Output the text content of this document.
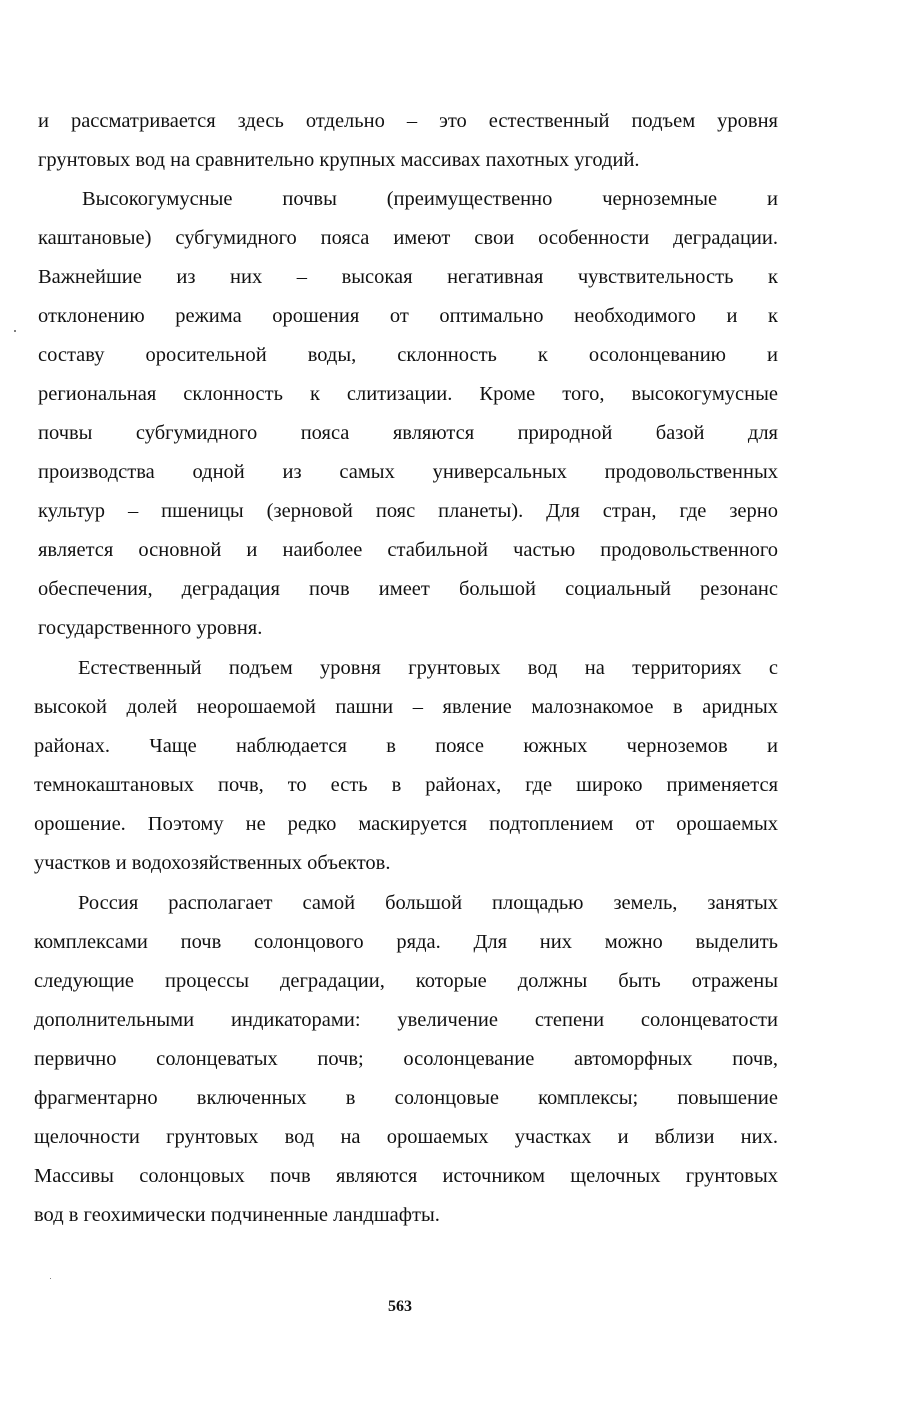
и рассматривается здесь отдельно – это естественный подъем уровня
грунтовых вод на сравнительно крупных массивах пахотных угодий.
Высокогумусные почвы (преимущественно черноземные и
каштановые) субгумидного пояса имеют свои особенности деградации.
Важнейшие из них – высокая негативная чувствительность к
отклонению режима орошения от оптимально необходимого и к
составу оросительной воды, склонность к осолонцеванию и
региональная склонность к слитизации. Кроме того, высокогумусные
почвы субгумидного пояса являются природной базой для
производства одной из самых универсальных продовольственных
культур – пшеницы (зерновой пояс планеты). Для стран, где зерно
является основной и наиболее стабильной частью продовольственного
обеспечения, деградация почв имеет большой социальный резонанс
государственного уровня.
Естественный подъем уровня грунтовых вод на территориях с
высокой долей неорошаемой пашни – явление малознакомое в аридных
районах. Чаще наблюдается в поясе южных черноземов и
темнокаштановых почв, то есть в районах, где широко применяется
орошение. Поэтому не редко маскируется подтоплением от орошаемых
участков и водохозяйственных объектов.
Россия располагает самой большой площадью земель, занятых
комплексами почв солонцового ряда. Для них можно выделить
следующие процессы деградации, которые должны быть отражены
дополнительными индикаторами: увеличение степени солонцеватости
первично солонцеватых почв; осолонцевание автоморфных почв,
фрагментарно включенных в солонцовые комплексы; повышение
щелочности грунтовых вод на орошаемых участках и вблизи них.
Массивы солонцовых почв являются источником щелочных грунтовых
вод в геохимически подчиненные ландшафты.
563
